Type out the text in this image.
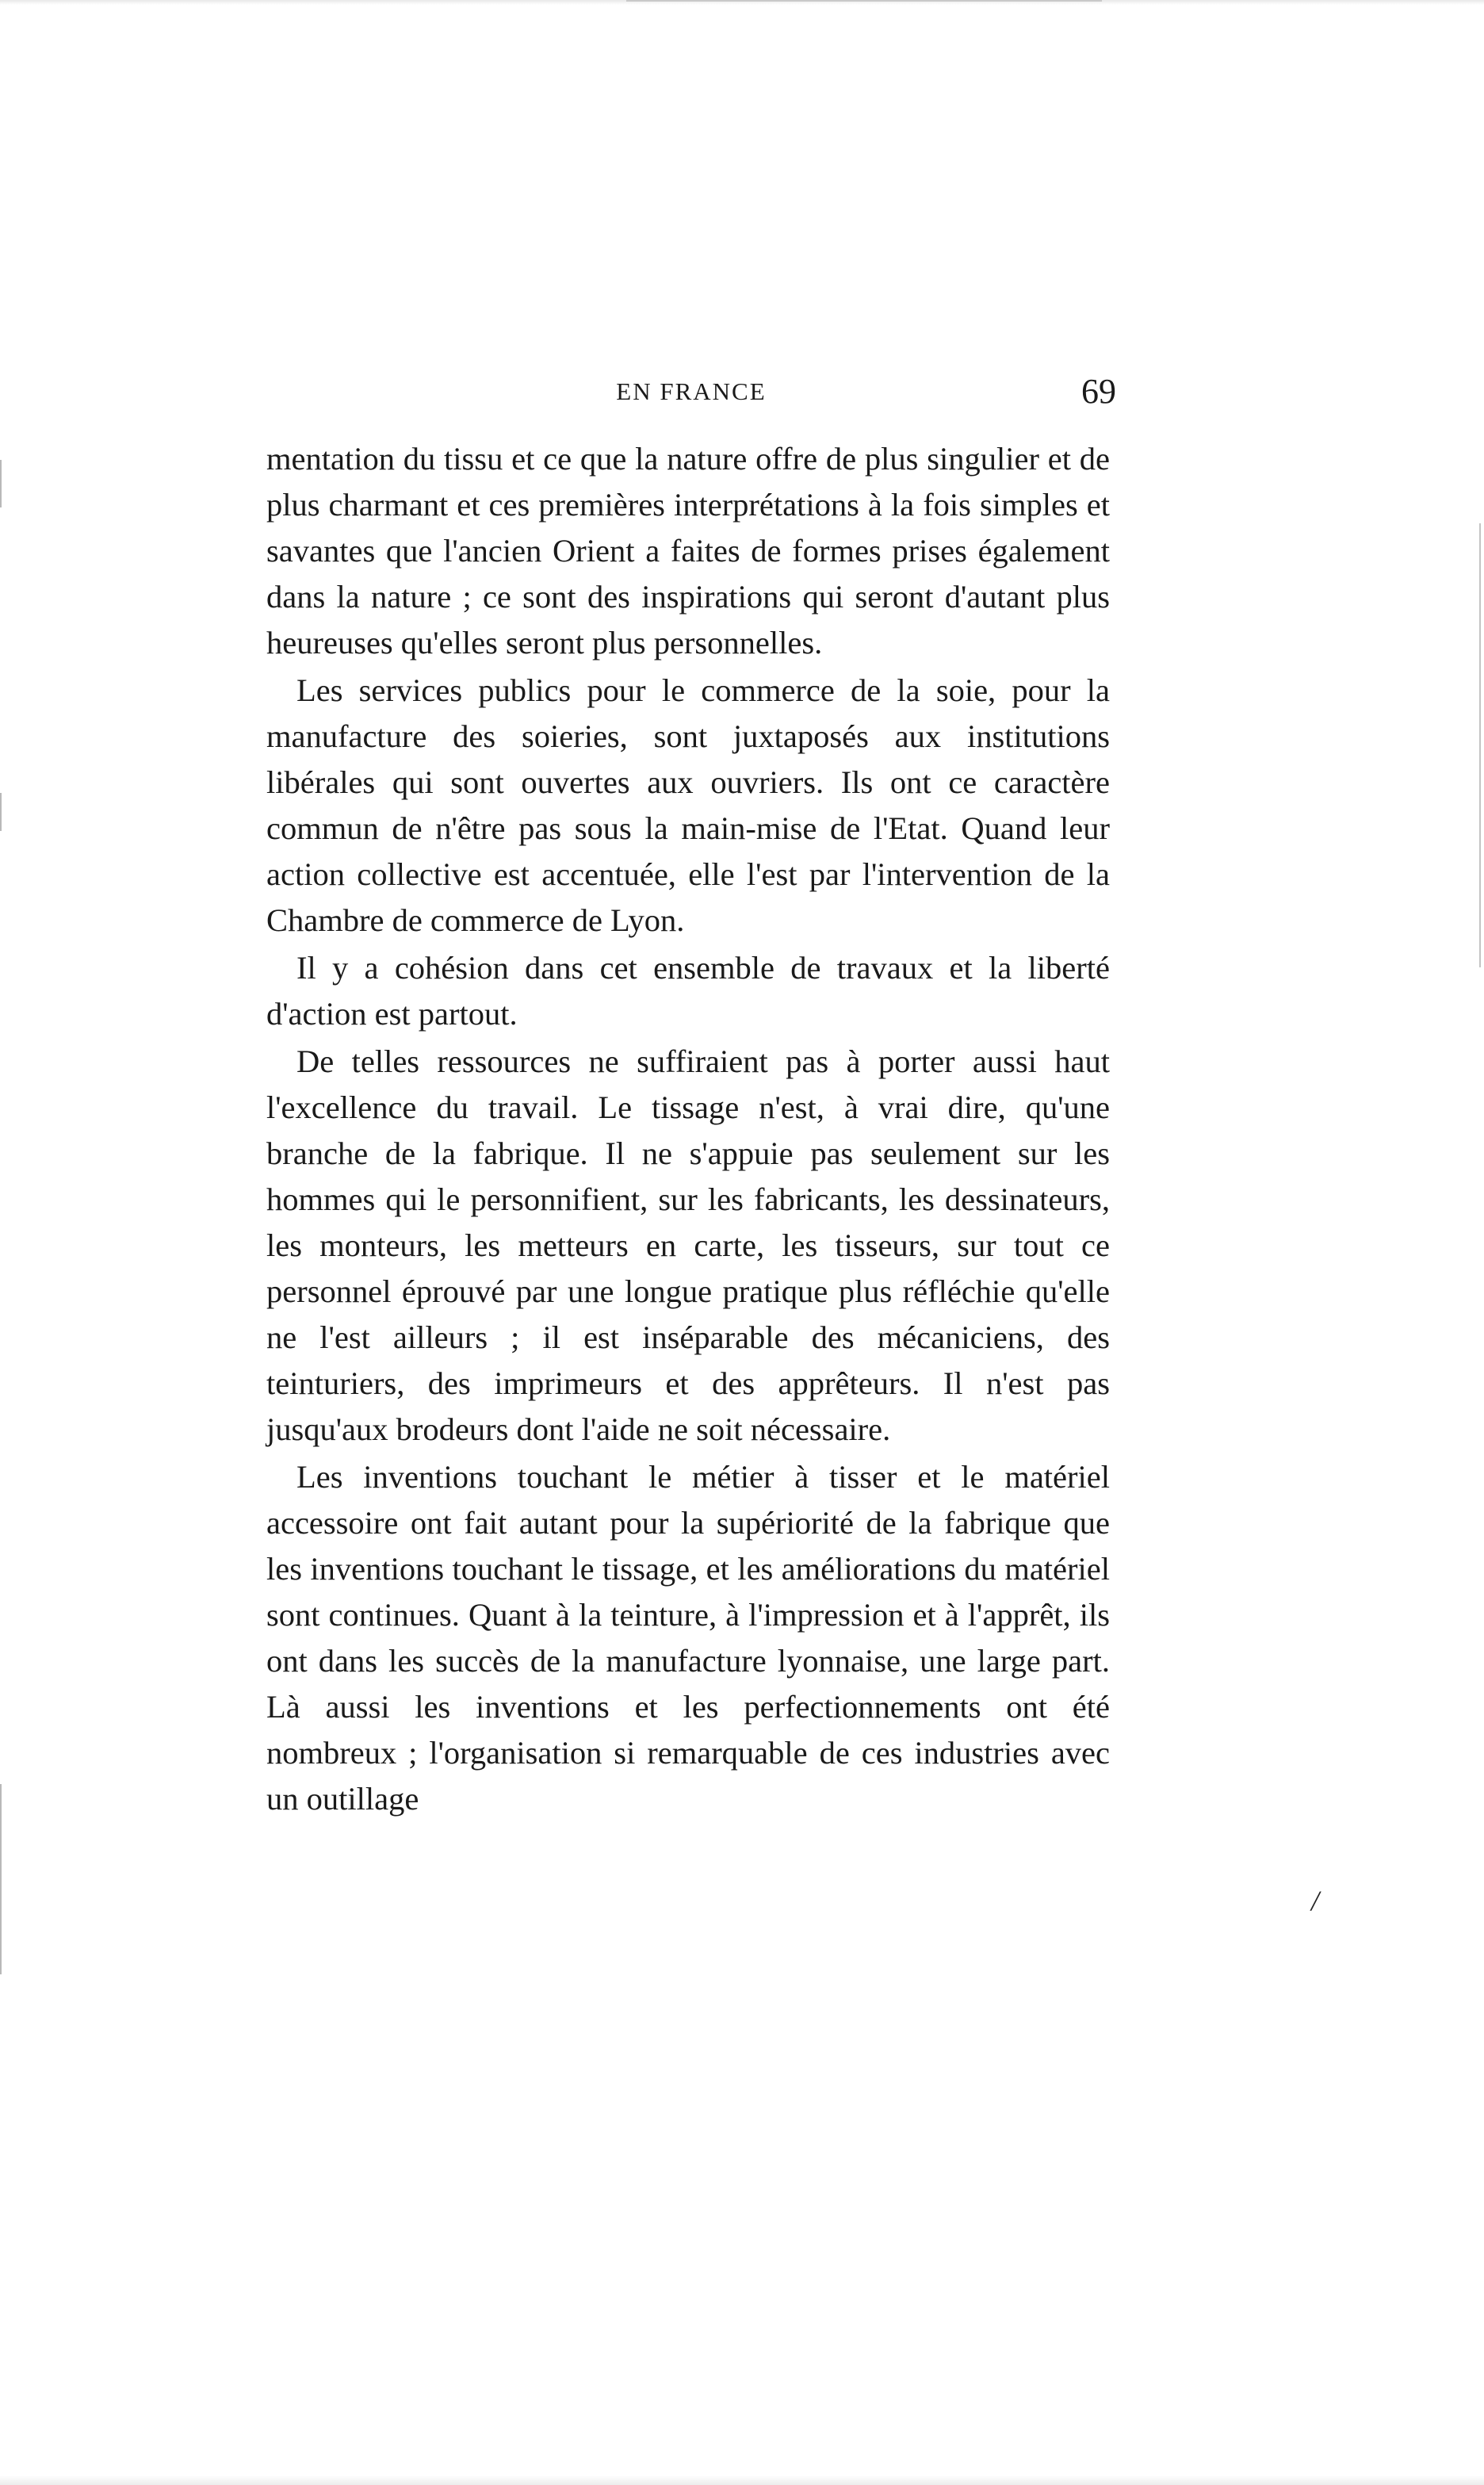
EN FRANCE	69

mentation du tissu et ce que la nature offre de plus singulier et de plus charmant et ces premières interprétations à la fois simples et savantes que l'ancien Orient a faites de formes prises également dans la nature ; ce sont des inspirations qui seront d'autant plus heureuses qu'elles seront plus personnelles.

Les services publics pour le commerce de la soie, pour la manufacture des soieries, sont juxtaposés aux institutions libérales qui sont ouvertes aux ouvriers. Ils ont ce caractère commun de n'être pas sous la main-mise de l'Etat. Quand leur action collective est accentuée, elle l'est par l'intervention de la Chambre de commerce de Lyon.

Il y a cohésion dans cet ensemble de travaux et la liberté d'action est partout.

De telles ressources ne suffiraient pas à porter aussi haut l'excellence du travail. Le tissage n'est, à vrai dire, qu'une branche de la fabrique. Il ne s'appuie pas seulement sur les hommes qui le personnifient, sur les fabricants, les dessinateurs, les monteurs, les metteurs en carte, les tisseurs, sur tout ce personnel éprouvé par une longue pratique plus réfléchie qu'elle ne l'est ailleurs ; il est inséparable des mécaniciens, des teinturiers, des imprimeurs et des apprêteurs. Il n'est pas jusqu'aux brodeurs dont l'aide ne soit nécessaire.

Les inventions touchant le métier à tisser et le matériel accessoire ont fait autant pour la supériorité de la fabrique que les inventions touchant le tissage, et les améliorations du matériel sont continues. Quant à la teinture, à l'impression et à l'apprêt, ils ont dans les succès de la manufacture lyonnaise, une large part. Là aussi les inventions et les perfectionnements ont été nombreux ; l'organisation si remarquable de ces industries avec un outillage

/
